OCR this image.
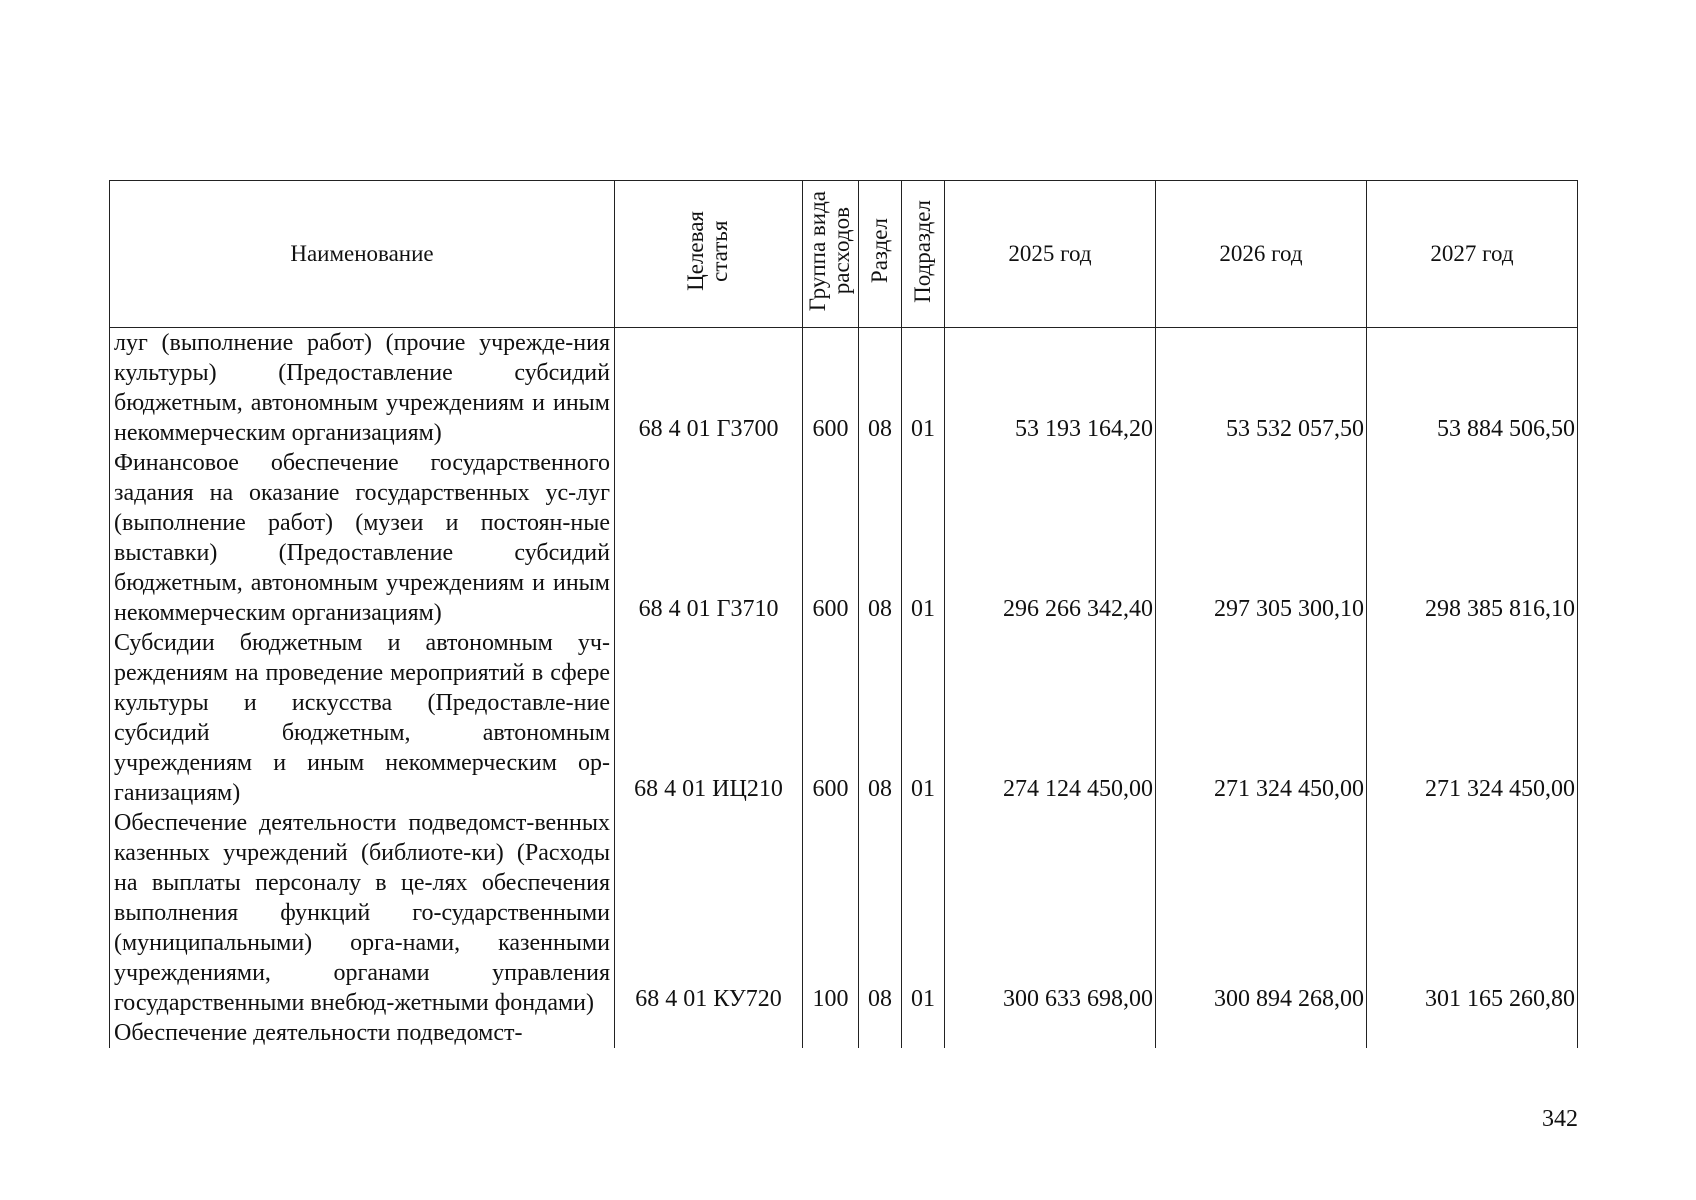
Наименование	Целевая статья	Группа вида расходов	Раздел	Подраздел	2025 год	2026 год	2027 год
луг (выполнение работ) (прочие учрежде-ния культуры) (Предоставление субсидий бюджетным, автономным учреждениям и иным некоммерческим организациям)	68 4 01 Г3700	600	08	01	53 193 164,20	53 532 057,50	53 884 506,50
Финансовое обеспечение государственного задания на оказание государственных ус-луг (выполнение работ) (музеи и постоян-ные выставки) (Предоставление субсидий бюджетным, автономным учреждениям и иным некоммерческим организациям)	68 4 01 Г3710	600	08	01	296 266 342,40	297 305 300,10	298 385 816,10
Субсидии бюджетным и автономным уч-реждениям на проведение мероприятий в сфере культуры и искусства (Предоставле-ние субсидий бюджетным, автономным учреждениям и иным некоммерческим ор-ганизациям)	68 4 01 ИЦ210	600	08	01	274 124 450,00	271 324 450,00	271 324 450,00
Обеспечение деятельности подведомст-венных казенных учреждений (библиоте-ки) (Расходы на выплаты персоналу в це-лях обеспечения выполнения функций го-сударственными (муниципальными) орга-нами, казенными учреждениями, органами управления государственными внебюд-жетными фондами)	68 4 01 КУ720	100	08	01	300 633 698,00	300 894 268,00	301 165 260,80
Обеспечение деятельности подведомст-							
342
